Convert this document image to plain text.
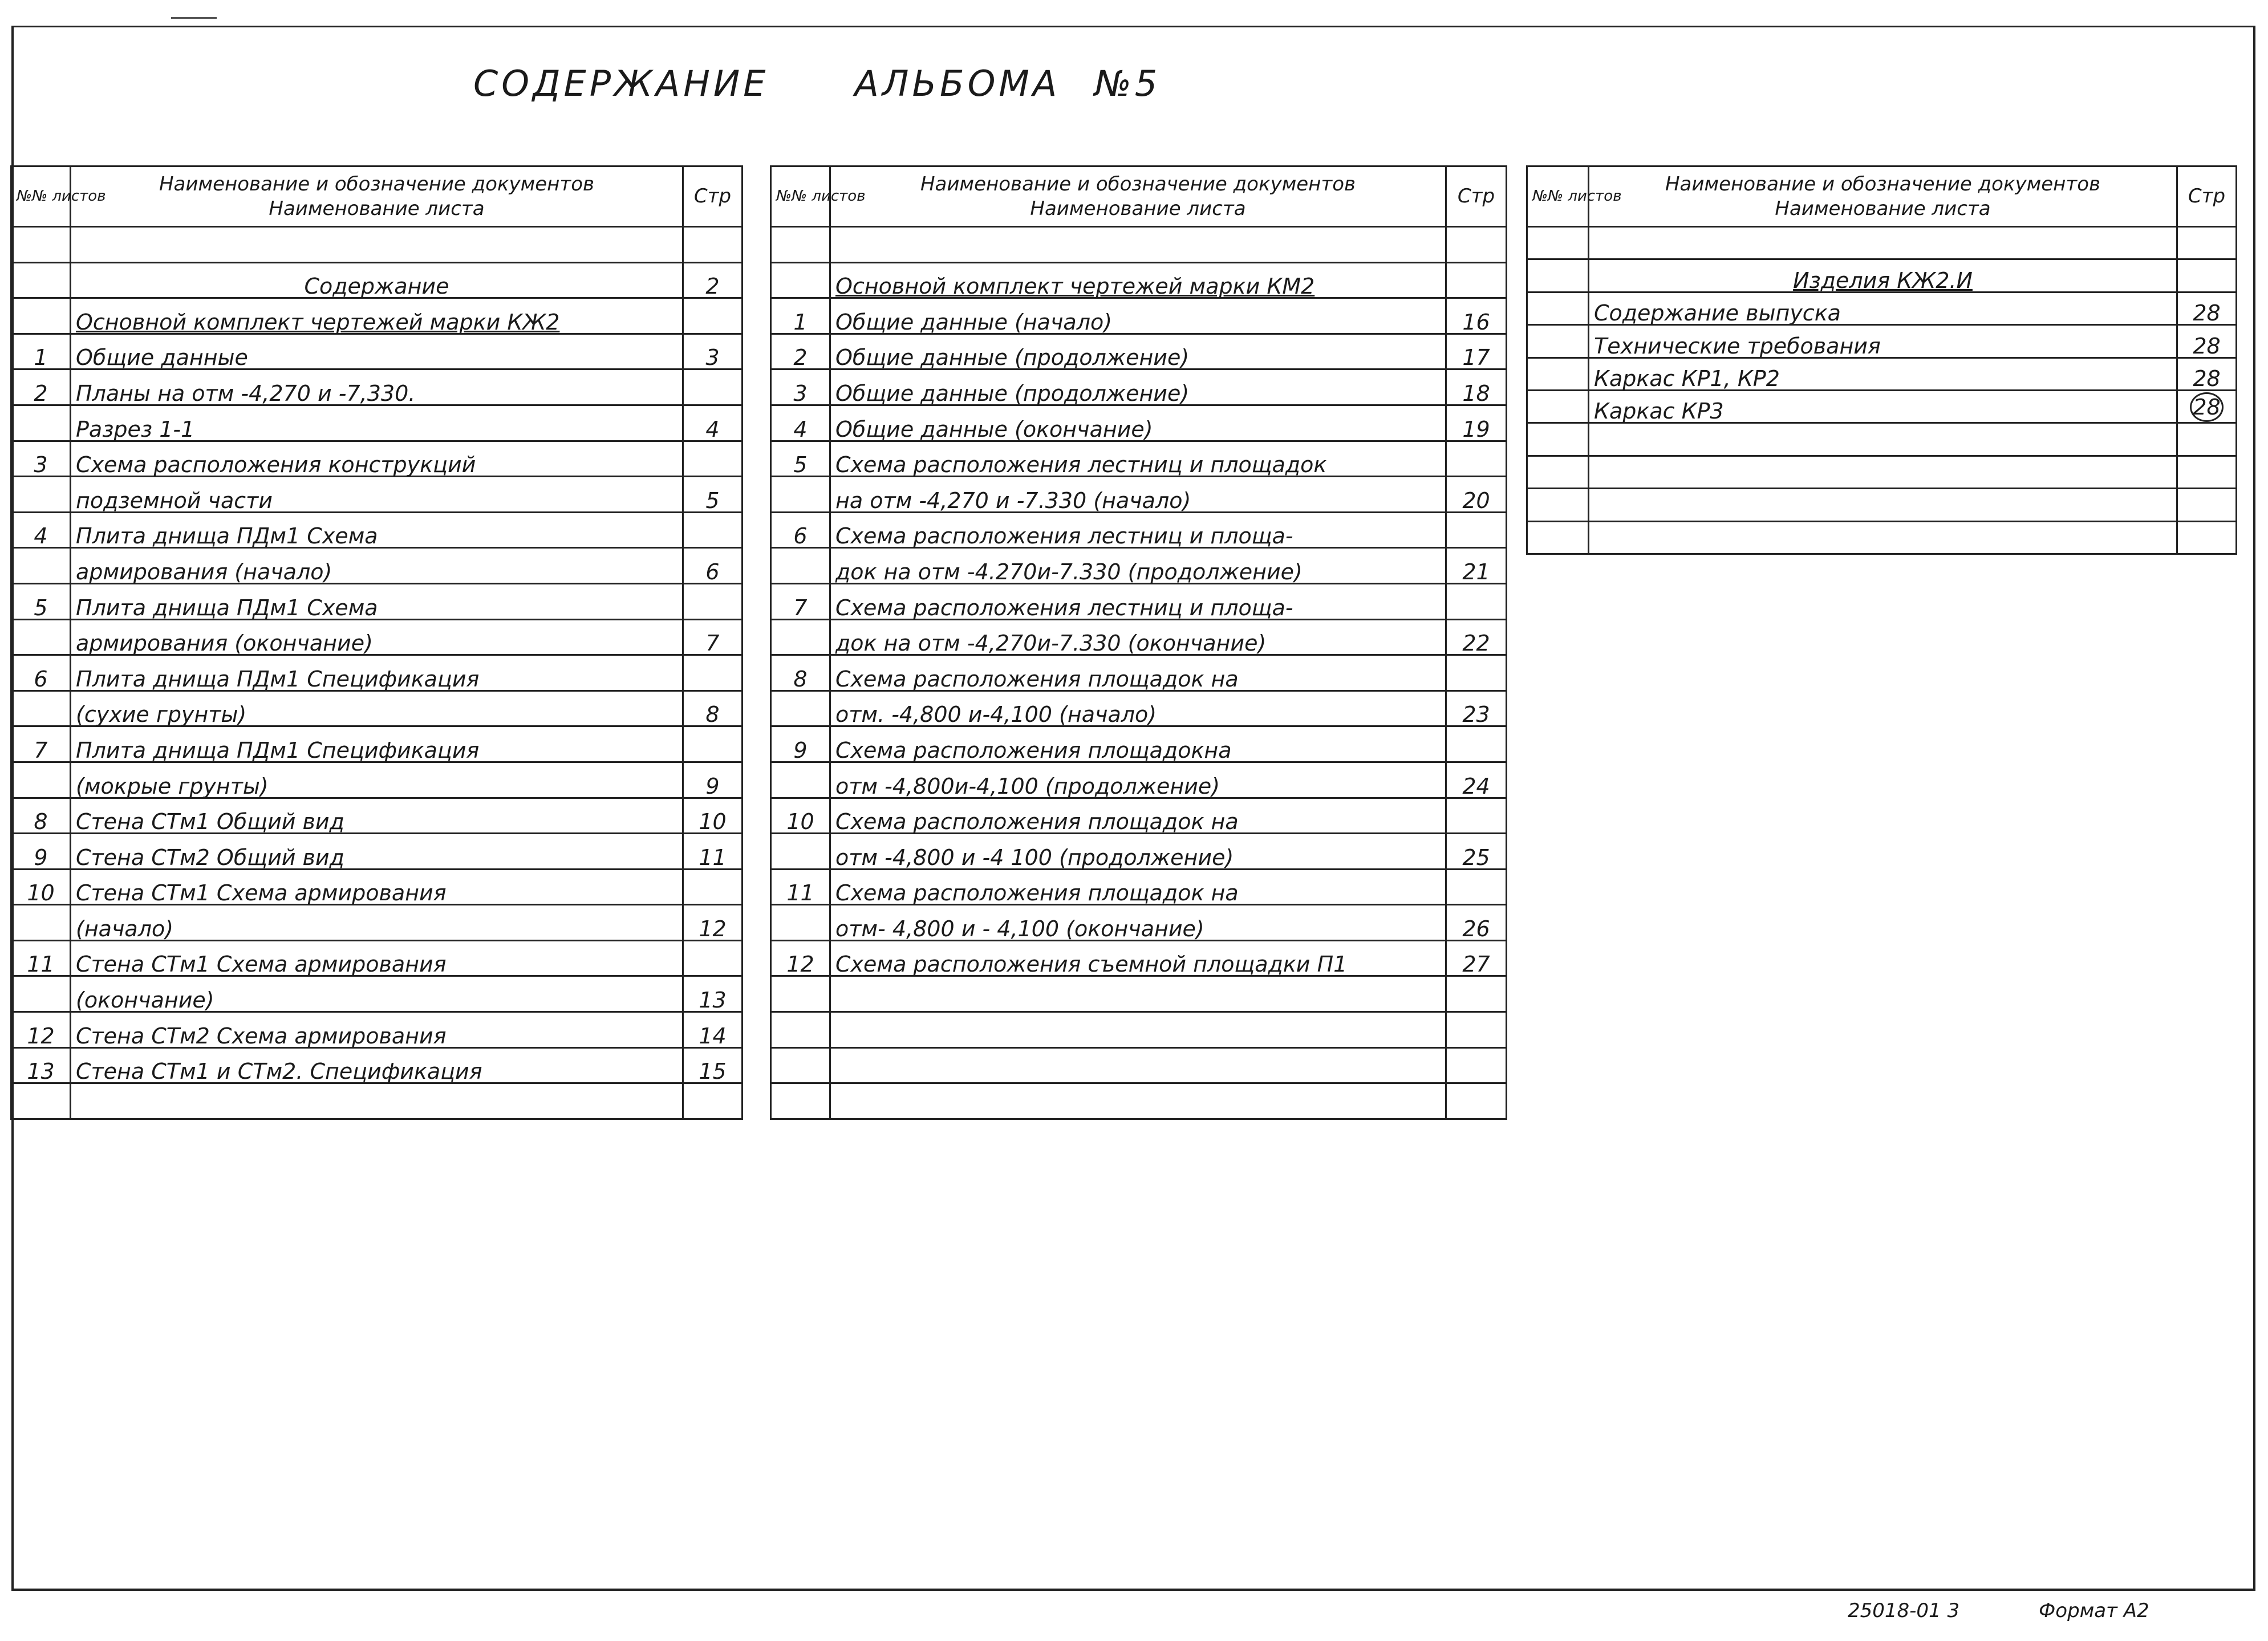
СОДЕРЖАНИЕ АЛЬБОМА №5
№№ листов	Наименование и обозначение документов
Наименование листа	Стр

	Содержание	2
	Основной комплект чертежей марки КЖ2	
1	Общие данные	3
2	Планы на отм -4,270 и -7,330.	
	Разрез 1-1	4
3	Схема расположения конструкций	
	подземной части	5
4	Плита днища ПДм1 Схема	
	армирования (начало)	6
5	Плита днища ПДм1 Схема	
	армирования (окончание)	7
6	Плита днища ПДм1 Спецификация	
	(сухие грунты)	8
7	Плита днища ПДм1 Спецификация	
	(мокрые грунты)	9
8	Стена СТм1 Общий вид	10
9	Стена СТм2 Общий вид	11
10	Стена СТм1 Схема армирования	
	(начало)	12
11	Стена СТм1 Схема армирования	
	(окончание)	13
12	Стена СТм2 Схема армирования	14
13	Стена СТм1 и СТм2. Спецификация	15

№№ листов	Наименование и обозначение документов
Наименование листа	Стр

	Основной комплект чертежей марки КМ2	
1	Общие данные (начало)	16
2	Общие данные (продолжение)	17
3	Общие данные (продолжение)	18
4	Общие данные (окончание)	19
5	Схема расположения лестниц и площадок	
	на отм -4,270 и -7.330 (начало)	20
6	Схема расположения лестниц и площа-	
	док на отм -4.270и-7.330 (продолжение)	21
7	Схема расположения лестниц и площа-	
	док на отм -4,270и-7.330 (окончание)	22
8	Схема расположения площадок на	
	отм. -4,800 и-4,100 (начало)	23
9	Схема расположения площадокна	
	отм -4,800и-4,100 (продолжение)	24
10	Схема расположения площадок на	
	отм -4,800 и -4 100 (продолжение)	25
11	Схема расположения площадок на	
	отм- 4,800 и - 4,100 (окончание)	26
12	Схема расположения съемной площадки П1	27

№№ листов	Наименование и обозначение документов
Наименование листа	Стр

	Изделия КЖ2.И	
	Содержание выпуска	28
	Технические требования	28
	Каркас КР1, КР2	28
	Каркас КР3	28

25018-01 3	Формат А2
